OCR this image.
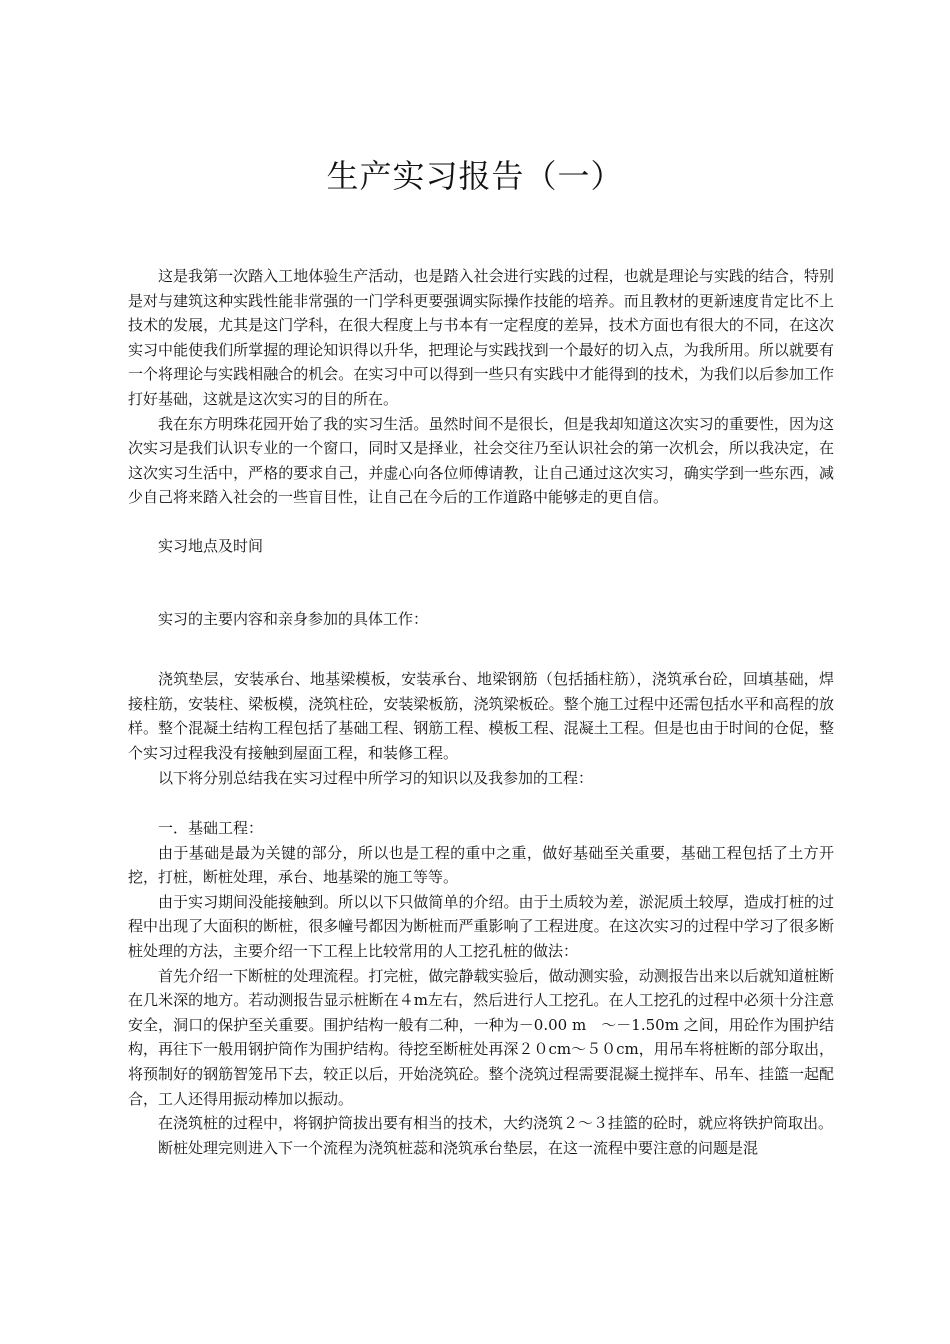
生产实习报告（一）

这是我第一次踏入工地体验生产活动，也是踏入社会进行实践的过程，也就是理论与实践的结合，特别是对与建筑这种实践性能非常强的一门学科更要强调实际操作技能的培养。而且教材的更新速度肯定比不上技术的发展，尤其是这门学科，在很大程度上与书本有一定程度的差异，技术方面也有很大的不同，在这次实习中能使我们所掌握的理论知识得以升华，把理论与实践找到一个最好的切入点，为我所用。所以就要有一个将理论与实践相融合的机会。在实习中可以得到一些只有实践中才能得到的技术，为我们以后参加工作打好基础，这就是这次实习的目的所在。

我在东方明珠花园开始了我的实习生活。虽然时间不是很长，但是我却知道这次实习的重要性，因为这次实习是我们认识专业的一个窗口，同时又是择业，社会交往乃至认识社会的第一次机会，所以我决定，在这次实习生活中，严格的要求自己，并虚心向各位师傅请教，让自己通过这次实习，确实学到一些东西，减少自己将来踏入社会的一些盲目性，让自己在今后的工作道路中能够走的更自信。

实习地点及时间

实习的主要内容和亲身参加的具体工作：

浇筑垫层，安装承台、地基梁模板，安装承台、地梁钢筋（包括插柱筋），浇筑承台砼，回填基础，焊接柱筋，安装柱、梁板模，浇筑柱砼，安装梁板筋，浇筑梁板砼。整个施工过程中还需包括水平和高程的放样。整个混凝土结构工程包括了基础工程、钢筋工程、模板工程、混凝土工程。但是也由于时间的仓促，整个实习过程我没有接触到屋面工程，和装修工程。

以下将分别总结我在实习过程中所学习的知识以及我参加的工程：

一．基础工程：

由于基础是最为关键的部分，所以也是工程的重中之重，做好基础至关重要，基础工程包括了土方开挖，打桩，断桩处理，承台、地基梁的施工等等。

由于实习期间没能接触到。所以以下只做简单的介绍。由于土质较为差，淤泥质土较厚，造成打桩的过程中出现了大面积的断桩，很多幢号都因为断桩而严重影响了工程进度。在这次实习的过程中学习了很多断桩处理的方法，主要介绍一下工程上比较常用的人工挖孔桩的做法：

首先介绍一下断桩的处理流程。打完桩，做完静载实验后，做动测实验，动测报告出来以后就知道桩断在几米深的地方。若动测报告显示桩断在４m左右，然后进行人工挖孔。在人工挖孔的过程中必须十分注意安全，洞口的保护至关重要。围护结构一般有二种，一种为－0.00 m　～－1.50m 之间，用砼作为围护结构，再往下一般用钢护筒作为围护结构。待挖至断桩处再深２０cm～５０cm，用吊车将桩断的部分取出，将预制好的钢筋智笼吊下去，较正以后，开始浇筑砼。整个浇筑过程需要混凝土搅拌车、吊车、挂篮一起配合，工人还得用振动棒加以振动。

在浇筑桩的过程中，将钢护筒拔出要有相当的技术，大约浇筑２～３挂篮的砼时，就应将铁护筒取出。

断桩处理完则进入下一个流程为浇筑桩蕊和浇筑承台垫层，在这一流程中要注意的问题是混
